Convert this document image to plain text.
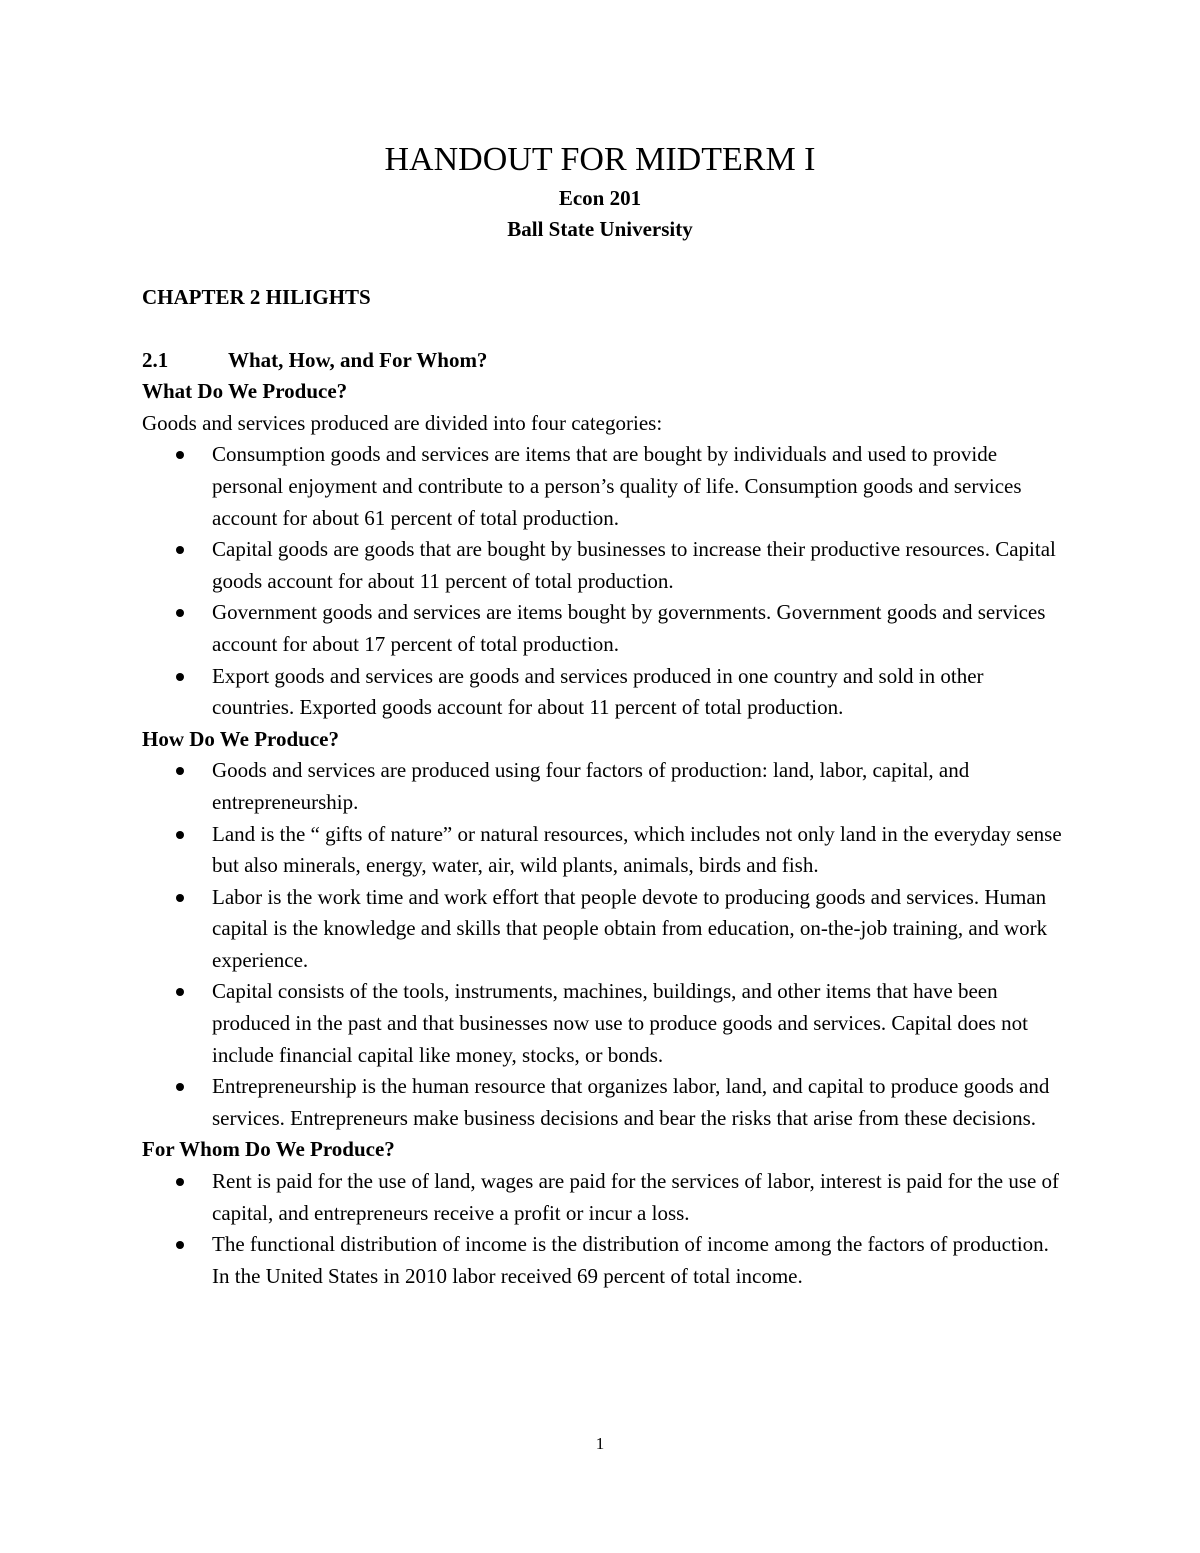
HANDOUT FOR MIDTERM I
Econ 201
Ball State University
CHAPTER 2 HILIGHTS
2.1	What, How, and For Whom?
What Do We Produce?
Goods and services produced are divided into four categories:
Consumption goods and services are items that are bought by individuals and used to provide personal enjoyment and contribute to a person’s quality of life. Consumption goods and services account for about 61 percent of total production.
Capital goods are goods that are bought by businesses to increase their productive resources. Capital goods account for about 11 percent of total production.
Government goods and services are items bought by governments. Government goods and services account for about 17 percent of total production.
Export goods and services are goods and services produced in one country and sold in other countries. Exported goods account for about 11 percent of total production.
How Do We Produce?
Goods and services are produced using four factors of production: land, labor, capital, and entrepreneurship.
Land is the “ gifts of nature” or natural resources, which includes not only land in the everyday sense but also minerals, energy, water, air, wild plants, animals, birds and fish.
Labor is the work time and work effort that people devote to producing goods and services. Human capital is the knowledge and skills that people obtain from education, on-the-job training, and work experience.
Capital consists of the tools, instruments, machines, buildings, and other items that have been produced in the past and that businesses now use to produce goods and services. Capital does not include financial capital like money, stocks, or bonds.
Entrepreneurship is the human resource that organizes labor, land, and capital to produce goods and services. Entrepreneurs make business decisions and bear the risks that arise from these decisions.
For Whom Do We Produce?
Rent is paid for the use of land, wages are paid for the services of labor, interest is paid for the use of capital, and entrepreneurs receive a profit or incur a loss.
The functional distribution of income is the distribution of income among the factors of production. In the United States in 2010 labor received 69 percent of total income.
1
